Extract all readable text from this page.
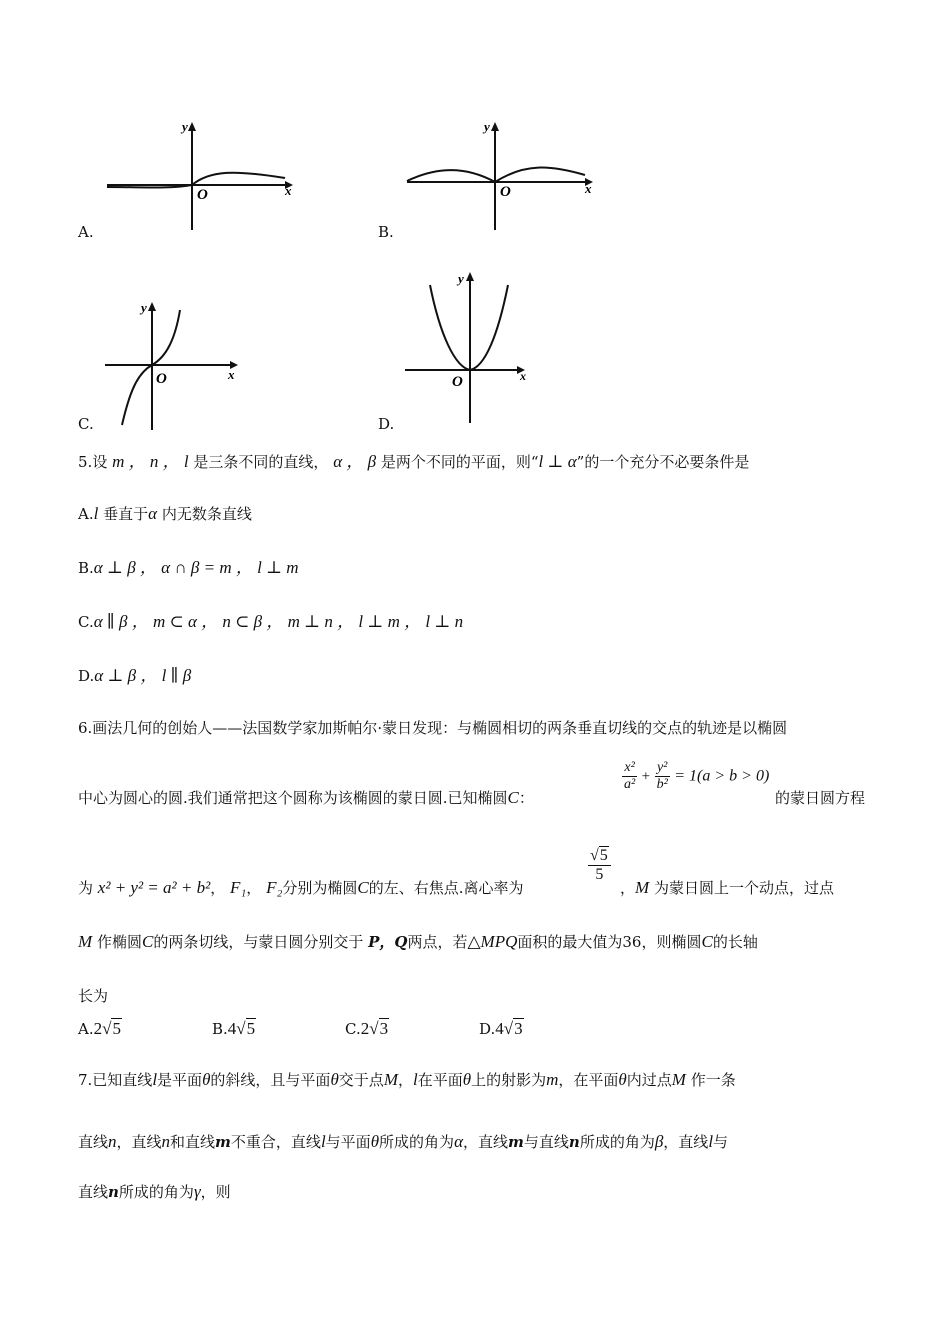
y
x
O
A.
y
x
O
B.
y
x
O
C.
y
x
O
D.
5.设 m ， n ， l 是三条不同的直线， α ， β 是两个不同的平面，则“l ⊥ α”的一个充分不必要条件是
A.l 垂直于α 内无数条直线
B.α ⊥ β ， α ∩ β = m ， l ⊥ m
C.α ∥ β ， m ⊂ α ， n ⊂ β ， m ⊥ n ， l ⊥ m ， l ⊥ n
D.α ⊥ β ， l ∥ β
6.画法几何的创始人——法国数学家加斯帕尔·蒙日发现：与椭圆相切的两条垂直切线的交点的轨迹是以椭圆
中心为圆心的圆.我们通常把这个圆称为该椭圆的蒙日圆.已知椭圆C：
$\frac{\text{x²}}{\text{a²}} + \frac{\text{y²}}{\text{b²}} = 1(a > b > 0)$
的蒙日圆方程
为 x² + y² = a² + b²， F₁， F₂分别为椭圆C的左、右焦点.离心率为
$\frac{√5}{5}$
，M 为蒙日圆上一个动点，过点
M 作椭圆C的两条切线，与蒙日圆分别交于 P，Q两点，若△MPQ面积的最大值为36，则椭圆C的长轴
长为
A.2√5	B.4√5	C.2√3	D.4√3
7.已知直线l是平面θ的斜线，且与平面θ交于点M，l在平面θ上的射影为m，在平面θ内过点M 作一条
直线n，直线n和直线m不重合，直线l与平面θ所成的角为α，直线m与直线n所成的角为β，直线l与
直线n所成的角为γ，则
